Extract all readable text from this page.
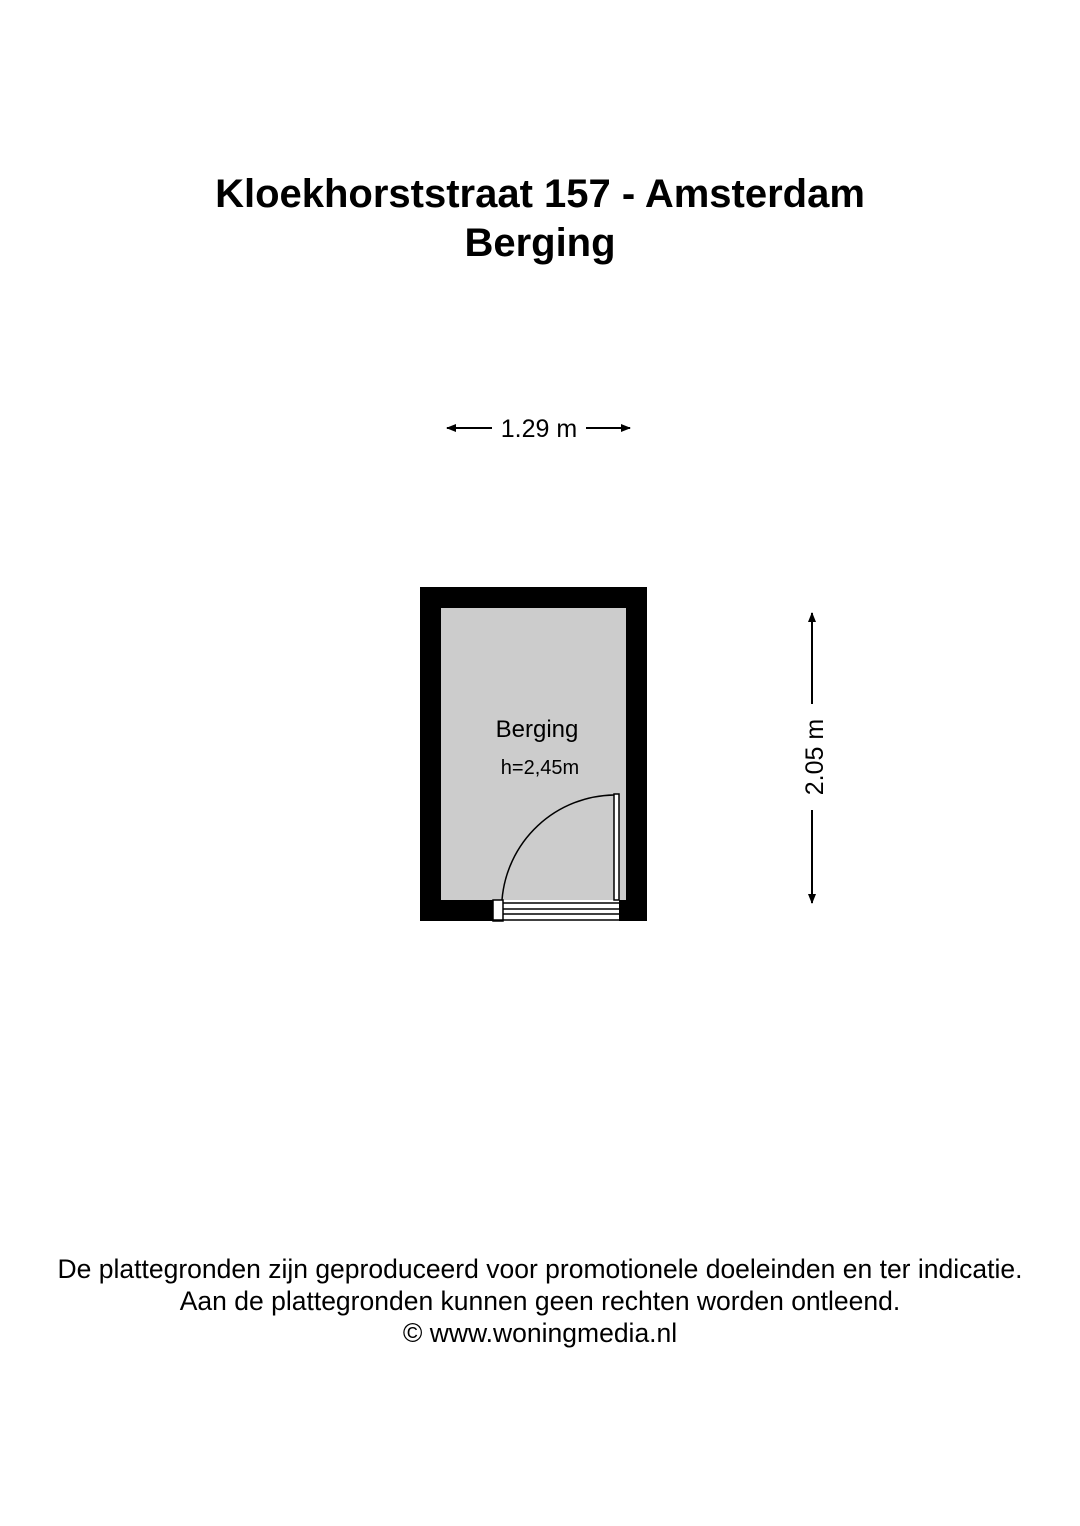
Kloekhorststraat 157 - Amsterdam
Berging
1.29 m
2.05 m
Berging
h=2,45m
De plattegronden zijn geproduceerd voor promotionele doeleinden en ter indicatie.
Aan de plattegronden kunnen geen rechten worden ontleend.
© www.woningmedia.nl
